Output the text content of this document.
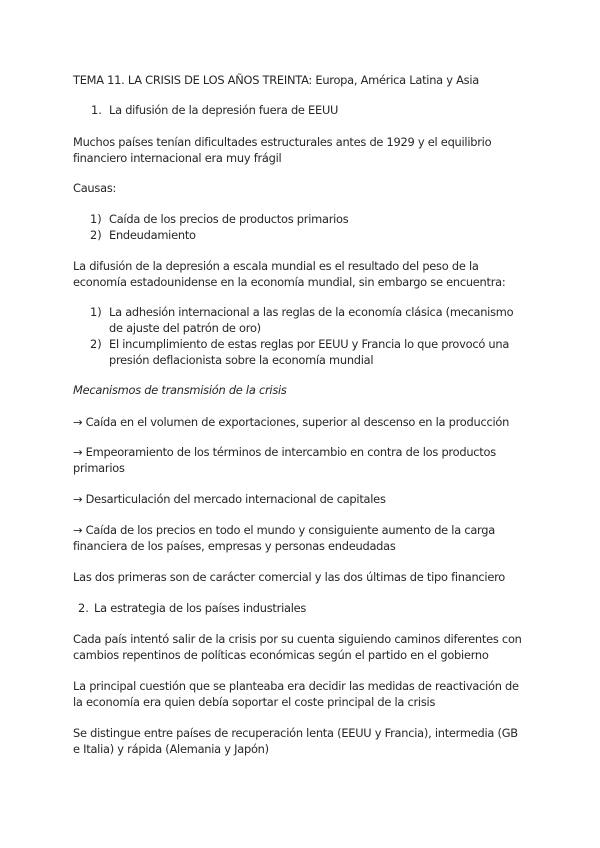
TEMA 11. LA CRISIS DE LOS AÑOS TREINTA: Europa, América Latina y Asia
1. La difusión de la depresión fuera de EEUU
Muchos países tenían dificultades estructurales antes de 1929 y el equilibrio
financiero internacional era muy frágil
Causas:
1) Caída de los precios de productos primarios
2) Endeudamiento
La difusión de la depresión a escala mundial es el resultado del peso de la
economía estadounidense en la economía mundial, sin embargo se encuentra:
1) La adhesión internacional a las reglas de la economía clásica (mecanismo
de ajuste del patrón de oro)
2) El incumplimiento de estas reglas por EEUU y Francia lo que provocó una
presión deflacionista sobre la economía mundial
Mecanismos de transmisión de la crisis
→ Caída en el volumen de exportaciones, superior al descenso en la producción
→ Empeoramiento de los términos de intercambio en contra de los productos
primarios
→ Desarticulación del mercado internacional de capitales
→ Caída de los precios en todo el mundo y consiguiente aumento de la carga
financiera de los países, empresas y personas endeudadas
Las dos primeras son de carácter comercial y las dos últimas de tipo financiero
2. La estrategia de los países industriales
Cada país intentó salir de la crisis por su cuenta siguiendo caminos diferentes con
cambios repentinos de políticas económicas según el partido en el gobierno
La principal cuestión que se planteaba era decidir las medidas de reactivación de
la economía era quien debía soportar el coste principal de la crisis
Se distingue entre países de recuperación lenta (EEUU y Francia), intermedia (GB
e Italia) y rápida (Alemania y Japón)
